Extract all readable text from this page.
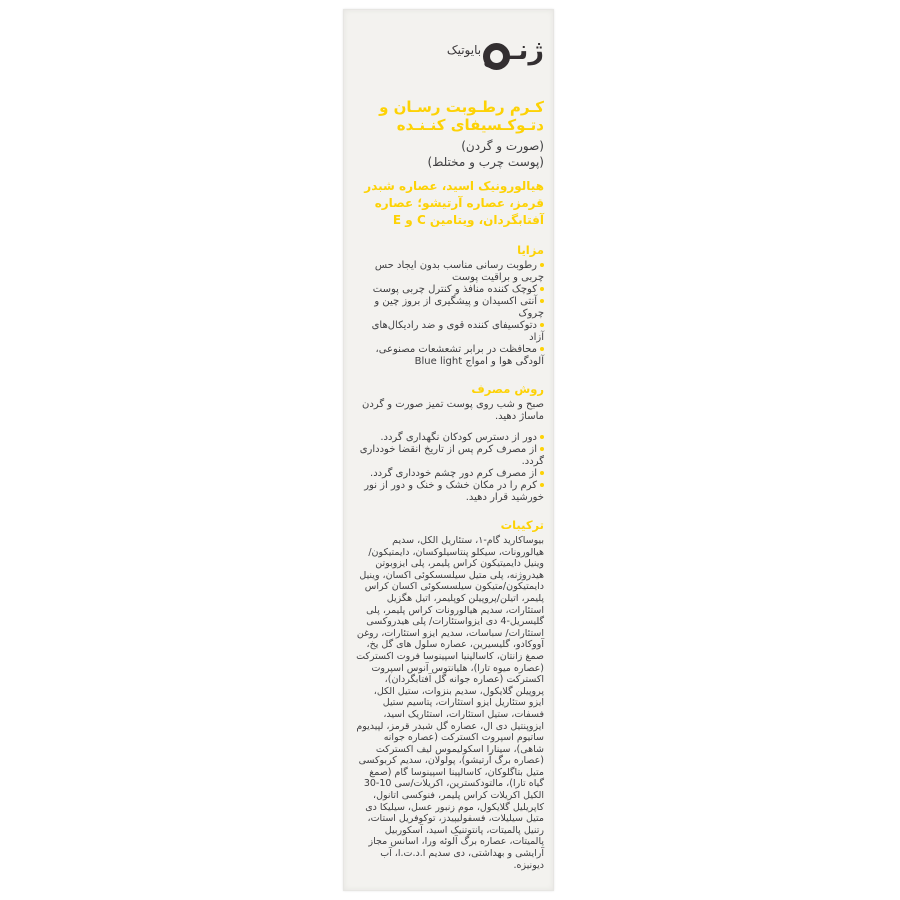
ژنـ
بایوتیک
کـرم رطـوبت رسـان و
دتـوکـسیفای کنـنـده
(صورت و گردن)
(پوست چرب و مختلط)

هیالورونیک اسید، عصاره شبدر قرمز، عصاره آرتیشو؛ عصاره آفتابگردان، ویتامین C و E

مزایا
رطوبت رسانی مناسب بدون ایجاد حس چربی و براقیت پوست
کوچک کننده منافذ و کنترل چربی پوست
آنتی اکسیدان و پیشگیری از بروز چین و چروک
دتوکسیفای کننده قوی و ضد رادیکال‌های آزاد
محافظت در برابر تشعشعات مصنوعی، آلودگی هوا و امواج Blue light
روش مصرف

صبح و شب روی پوست تمیز صورت و گردن ماساژ دهید.

دور از دسترس کودکان نگهداری گردد.
از مصرف کرم پس از تاریخ انقضا خودداری گردد.
از مصرف کرم دور چشم خودداری گردد.
کرم را در مکان خشک و خنک و دور از نور خورشید قرار دهید.
ترکیبات

بیوساکارید گام-۱، ستئاریل الکل، سدیم هیالورونات، سیکلو پنتاسیلوکسان، دایمتیکون/وینیل دایمیتیکون کراس پلیمر، پلی ایزوبوتن هیدروژنه، پلی متیل سیلسسکوئی اکسان، وینیل دایمتیکون/متیکون سیلسسکوئی اکسان کراس پلیمر، اتیلن/پروپیلن کوپلیمر، اتیل هگزیل استئارات، سدیم هیالورونات کراس پلیمر، پلی گلیسریل-4 دی ایزواستئارات/ پلی هیدروکسی استئارات/ سباسات، سدیم ایزو استئارات، روغن آووکادو، گلیسیرین، عصاره سلول های گل یخ، صمغ زانتان، کاسالپنیا اسپینوسا فروت اکسترکت (عصاره میوه تارا)، هلیانتوس آنوس اسپروت اکسترکت (عصاره جوانه گل آفتابگردان)، پروپیلن گلایکول، سدیم بنزوات، ستیل الکل، ایزو ستئاریل ایزو استئارات، پتاسیم ستیل فسفات، ستیل استئارات، استئاریک اسید، ایزوپنتیل دی ال، عصاره گل شبدر قرمز، لپیدیوم ساتیوم اسپروت اکسترکت (عصاره جوانه شاهی)، سینارا اسکولیموس لیف اکسترکت (عصاره برگ آرتیشو)، پولولان، سدیم کربوکسی متیل بتاگلوکان، کاسالپینا اسپینوسا گام (صمغ گیاه تارا)، مالتودکسترین، اکریلات/سی 10-30 الکیل اکریلات کراس پلیمر، فنوکسی اتانول، کاپریلیل گلایکول، موم زنبور عسل، سیلیکا دی متیل سیلیلات، فسفولیپیدز، توکوفریل استات، رتنیل پالمیتات، پانتوتنیک اسید، آسکوربیل پالمیتات، عصاره برگ آلوئه ورا، اسانس مجاز آرایشی و بهداشتی، دی سدیم ا.د.ت.ا، آب دیونیزه.
